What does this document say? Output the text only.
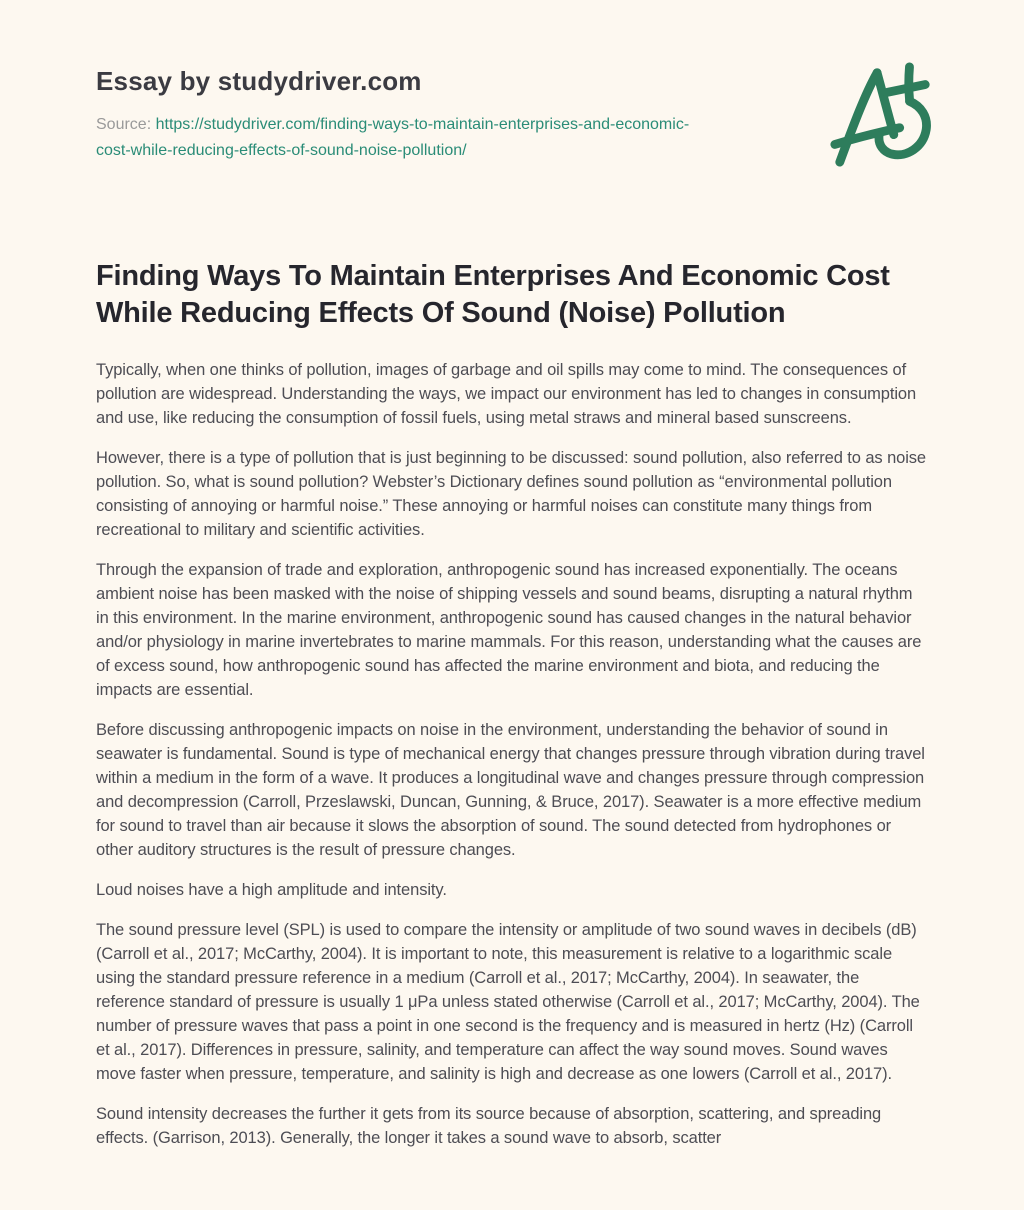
Essay by studydriver.com
Source: https://studydriver.com/finding-ways-to-maintain-enterprises-and-economic-
cost-while-reducing-effects-of-sound-noise-pollution/
Finding Ways To Maintain Enterprises And Economic Cost While Reducing Effects Of Sound (Noise) Pollution

Typically, when one thinks of pollution, images of garbage and oil spills may come to mind. The consequences of pollution are widespread. Understanding the ways, we impact our environment has led to changes in consumption and use, like reducing the consumption of fossil fuels, using metal straws and mineral based sunscreens.

However, there is a type of pollution that is just beginning to be discussed: sound pollution, also referred to as noise pollution. So, what is sound pollution? Webster’s Dictionary defines sound pollution as “environmental pollution consisting of annoying or harmful noise.” These annoying or harmful noises can constitute many things from recreational to military and scientific activities.

Through the expansion of trade and exploration, anthropogenic sound has increased exponentially. The oceans ambient noise has been masked with the noise of shipping vessels and sound beams, disrupting a natural rhythm in this environment. In the marine environment, anthropogenic sound has caused changes in the natural behavior and/or physiology in marine invertebrates to marine mammals. For this reason, understanding what the causes are of excess sound, how anthropogenic sound has affected the marine environment and biota, and reducing the impacts are essential.

Before discussing anthropogenic impacts on noise in the environment, understanding the behavior of sound in seawater is fundamental. Sound is type of mechanical energy that changes pressure through vibration during travel within a medium in the form of a wave. It produces a longitudinal wave and changes pressure through compression and decompression (Carroll, Przeslawski, Duncan, Gunning, & Bruce, 2017). Seawater is a more effective medium for sound to travel than air because it slows the absorption of sound. The sound detected from hydrophones or other auditory structures is the result of pressure changes.

Loud noises have a high amplitude and intensity.

The sound pressure level (SPL) is used to compare the intensity or amplitude of two sound waves in decibels (dB) (Carroll et al., 2017; McCarthy, 2004). It is important to note, this measurement is relative to a logarithmic scale using the standard pressure reference in a medium (Carroll et al., 2017; McCarthy, 2004). In seawater, the reference standard of pressure is usually 1 μPa unless stated otherwise (Carroll et al., 2017; McCarthy, 2004). The number of pressure waves that pass a point in one second is the frequency and is measured in hertz (Hz) (Carroll et al., 2017). Differences in pressure, salinity, and temperature can affect the way sound moves. Sound waves move faster when pressure, temperature, and salinity is high and decrease as one lowers (Carroll et al., 2017).

Sound intensity decreases the further it gets from its source because of absorption, scattering, and spreading effects. (Garrison, 2013). Generally, the longer it takes a sound wave to absorb, scatter
